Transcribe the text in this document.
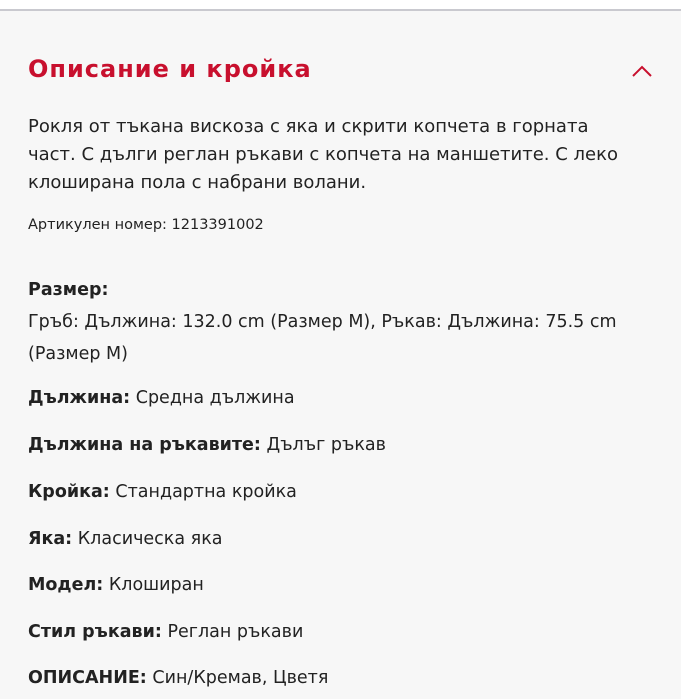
Описание и кройка
Рокля от тъкана вискоза с яка и скрити копчета в горната част. С дълги реглан ръкави с копчета на маншетите. С леко клоширана пола с набрани волани.
Артикулен номер: 1213391002
Размер:
Гръб: Дължина: 132.0 cm (Размер M), Ръкав: Дължина: 75.5 cm (Размер M)
Дължина: Средна дължина
Дължина на ръкавите: Дълъг ръкав
Кройка: Стандартна кройка
Яка: Класическа яка
Модел: Клоширан
Стил ръкави: Реглан ръкави
ОПИСАНИЕ: Син/Кремав, Цветя
